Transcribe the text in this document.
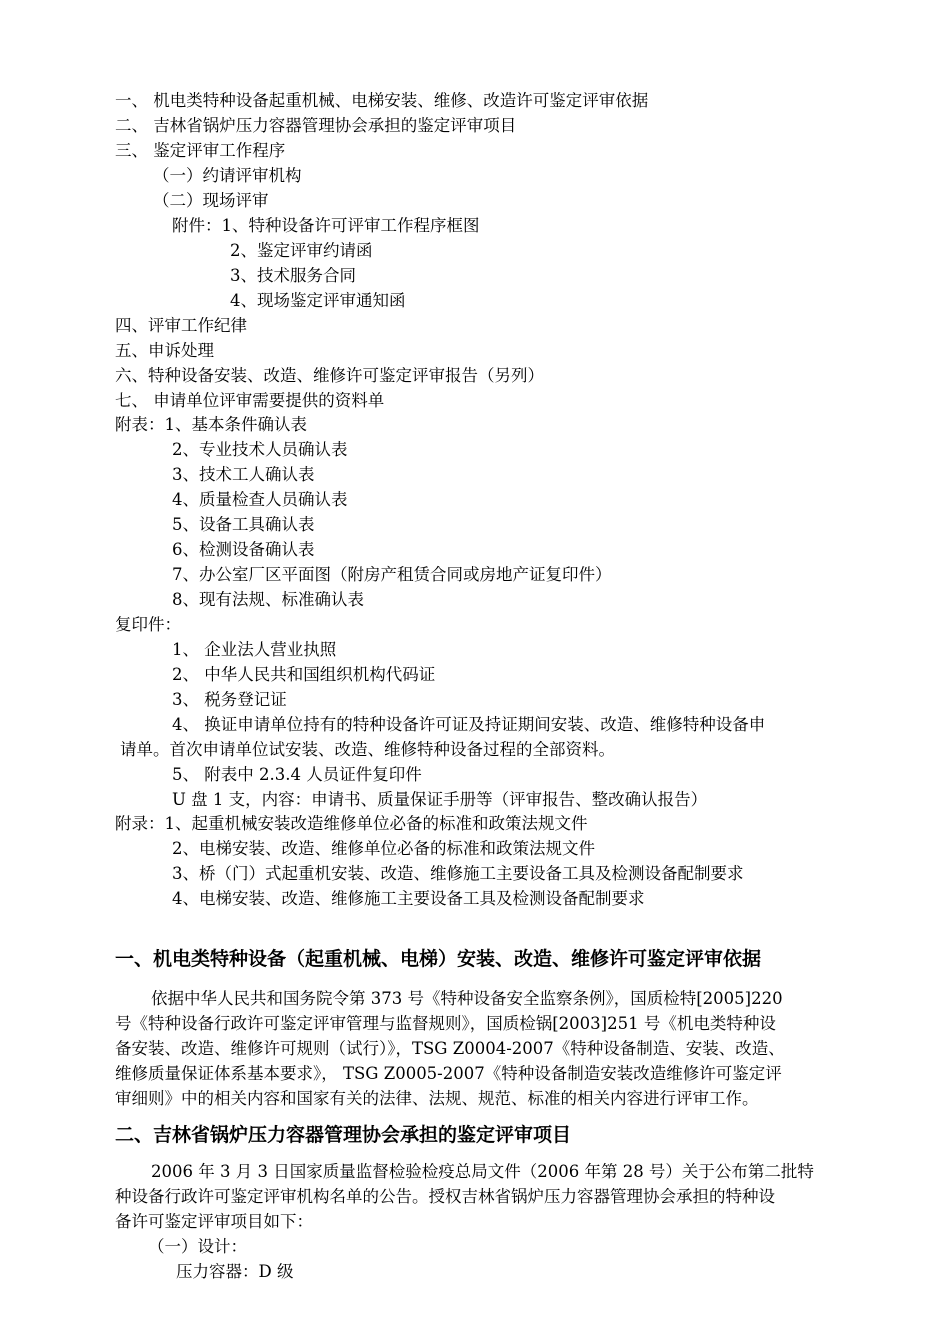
一、 机电类特种设备起重机械、电梯安装、维修、改造许可鉴定评审依据
二、 吉林省锅炉压力容器管理协会承担的鉴定评审项目
三、 鉴定评审工作程序
（一）约请评审机构
（二）现场评审
附件：1、特种设备许可评审工作程序框图
2、鉴定评审约请函
3、技术服务合同
4、现场鉴定评审通知函
四、评审工作纪律
五、申诉处理
六、特种设备安装、改造、维修许可鉴定评审报告（另列）
七、 申请单位评审需要提供的资料单
附表：1、基本条件确认表
2、专业技术人员确认表
3、技术工人确认表
4、质量检查人员确认表
5、设备工具确认表
6、检测设备确认表
7、办公室厂区平面图（附房产租赁合同或房地产证复印件）
8、现有法规、标准确认表
复印件：
1、 企业法人营业执照
2、 中华人民共和国组织机构代码证
3、 税务登记证
4、 换证申请单位持有的特种设备许可证及持证期间安装、改造、维修特种设备申
请单。首次申请单位试安装、改造、维修特种设备过程的全部资料。
5、 附表中 2.3.4 人员证件复印件
U 盘 1 支，内容：申请书、质量保证手册等（评审报告、整改确认报告）
附录：1、起重机械安装改造维修单位必备的标准和政策法规文件
2、电梯安装、改造、维修单位必备的标准和政策法规文件
3、桥（门）式起重机安装、改造、维修施工主要设备工具及检测设备配制要求
4、电梯安装、改造、维修施工主要设备工具及检测设备配制要求
一、机电类特种设备（起重机械、电梯）安装、改造、维修许可鉴定评审依据
依据中华人民共和国务院令第 373 号《特种设备安全监察条例》，国质检特[2005]220
号《特种设备行政许可鉴定评审管理与监督规则》，国质检锅[2003]251 号《机电类特种设
备安装、改造、维修许可规则（试行）》，TSG Z0004-2007《特种设备制造、安装、改造、
维修质量保证体系基本要求》， TSG Z0005-2007《特种设备制造安装改造维修许可鉴定评
审细则》中的相关内容和国家有关的法律、法规、规范、标准的相关内容进行评审工作。
二、吉林省锅炉压力容器管理协会承担的鉴定评审项目
2006 年 3 月 3 日国家质量监督检验检疫总局文件（2006 年第 28 号）关于公布第二批特
种设备行政许可鉴定评审机构名单的公告。授权吉林省锅炉压力容器管理协会承担的特种设
备许可鉴定评审项目如下：
（一）设计：
压力容器：D 级
